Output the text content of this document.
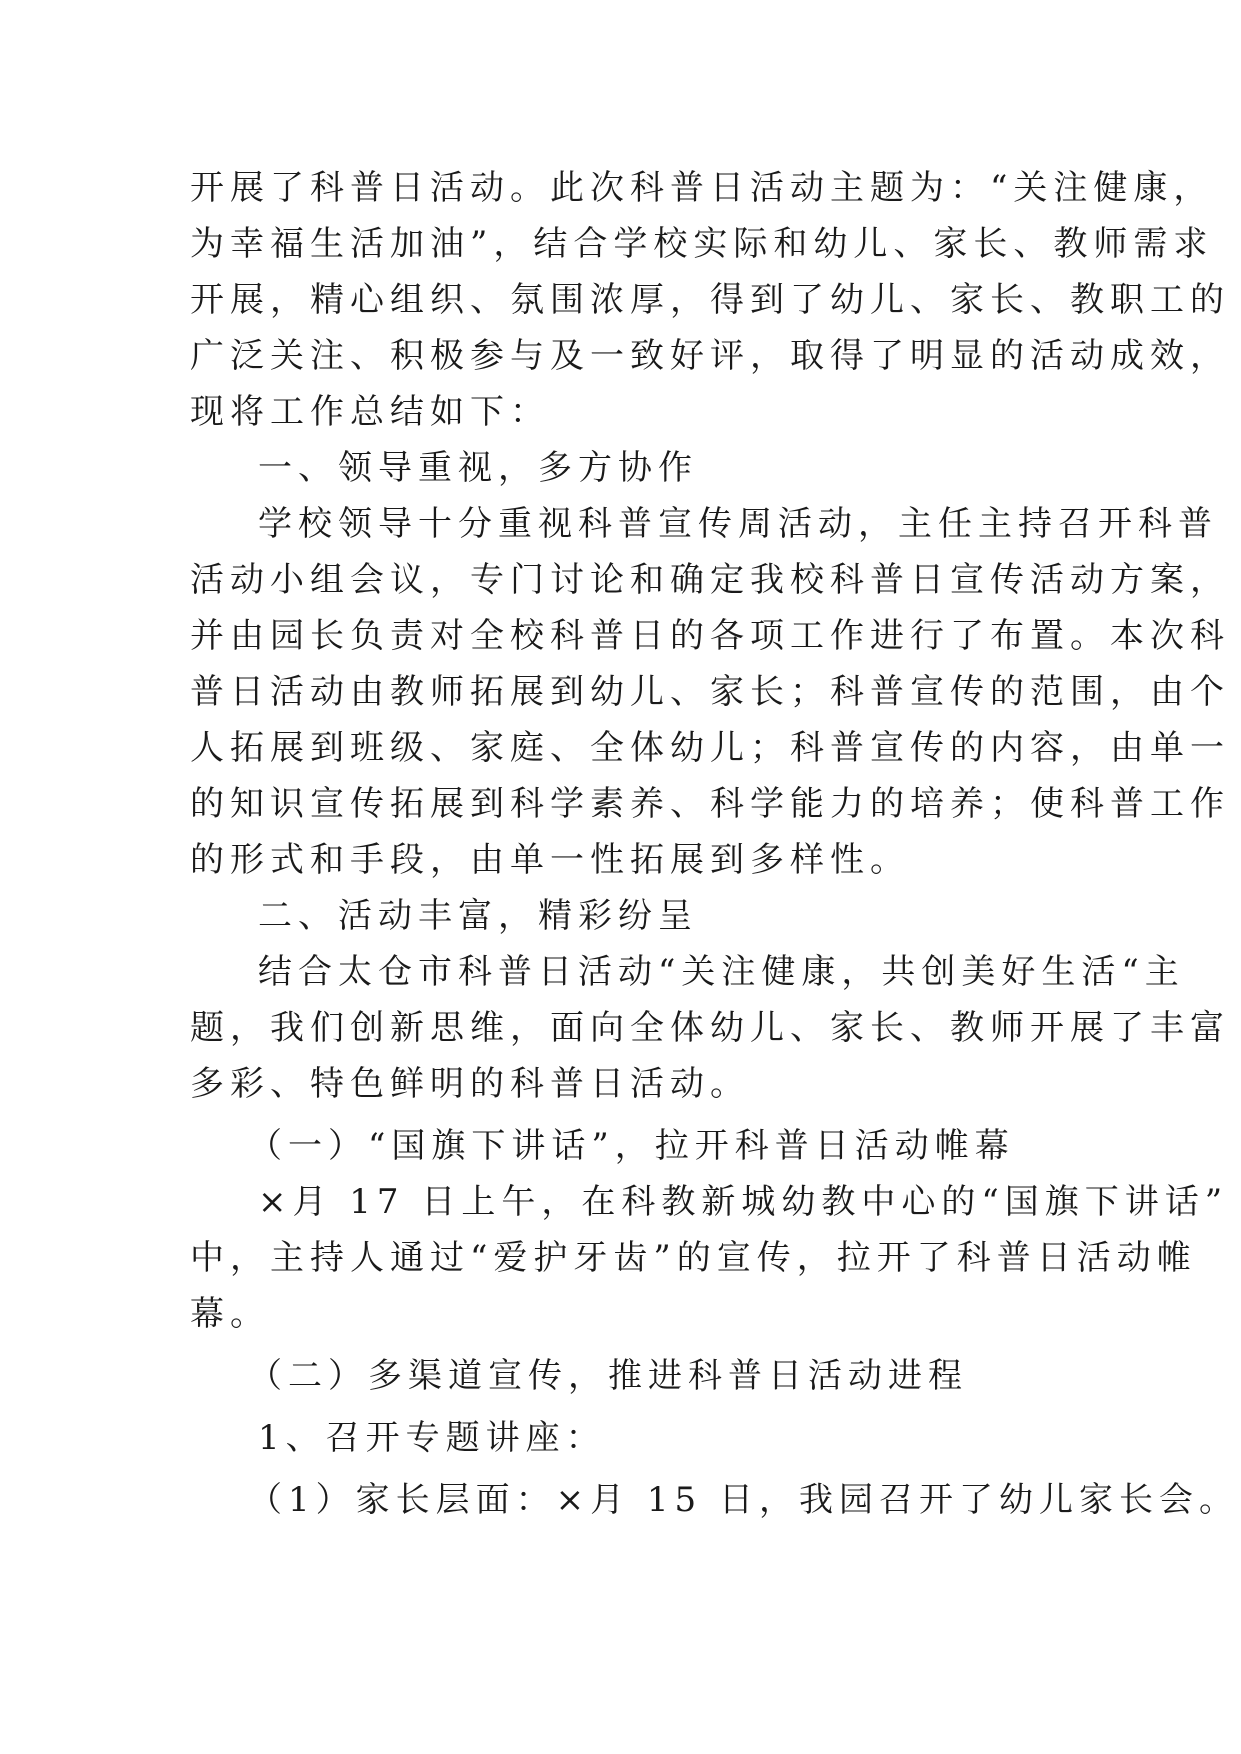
开展了科普日活动。此次科普日活动主题为：“关注健康，
为幸福生活加油”，结合学校实际和幼儿、家长、教师需求
开展，精心组织、氛围浓厚，得到了幼儿、家长、教职工的
广泛关注、积极参与及一致好评，取得了明显的活动成效，
现将工作总结如下：
一、领导重视，多方协作
学校领导十分重视科普宣传周活动，主任主持召开科普
活动小组会议，专门讨论和确定我校科普日宣传活动方案，
并由园长负责对全校科普日的各项工作进行了布置。本次科
普日活动由教师拓展到幼儿、家长；科普宣传的范围，由个
人拓展到班级、家庭、全体幼儿；科普宣传的内容，由单一
的知识宣传拓展到科学素养、科学能力的培养；使科普工作
的形式和手段，由单一性拓展到多样性。
二、活动丰富，精彩纷呈
结合太仓市科普日活动“关注健康，共创美好生活“主
题，我们创新思维，面向全体幼儿、家长、教师开展了丰富
多彩、特色鲜明的科普日活动。
（一）“国旗下讲话”，拉开科普日活动帷幕
×月 17 日上午，在科教新城幼教中心的“国旗下讲话”
中，主持人通过“爱护牙齿”的宣传，拉开了科普日活动帷
幕。
（二）多渠道宣传，推进科普日活动进程
1、召开专题讲座：
（1）家长层面：×月 15 日，我园召开了幼儿家长会。
